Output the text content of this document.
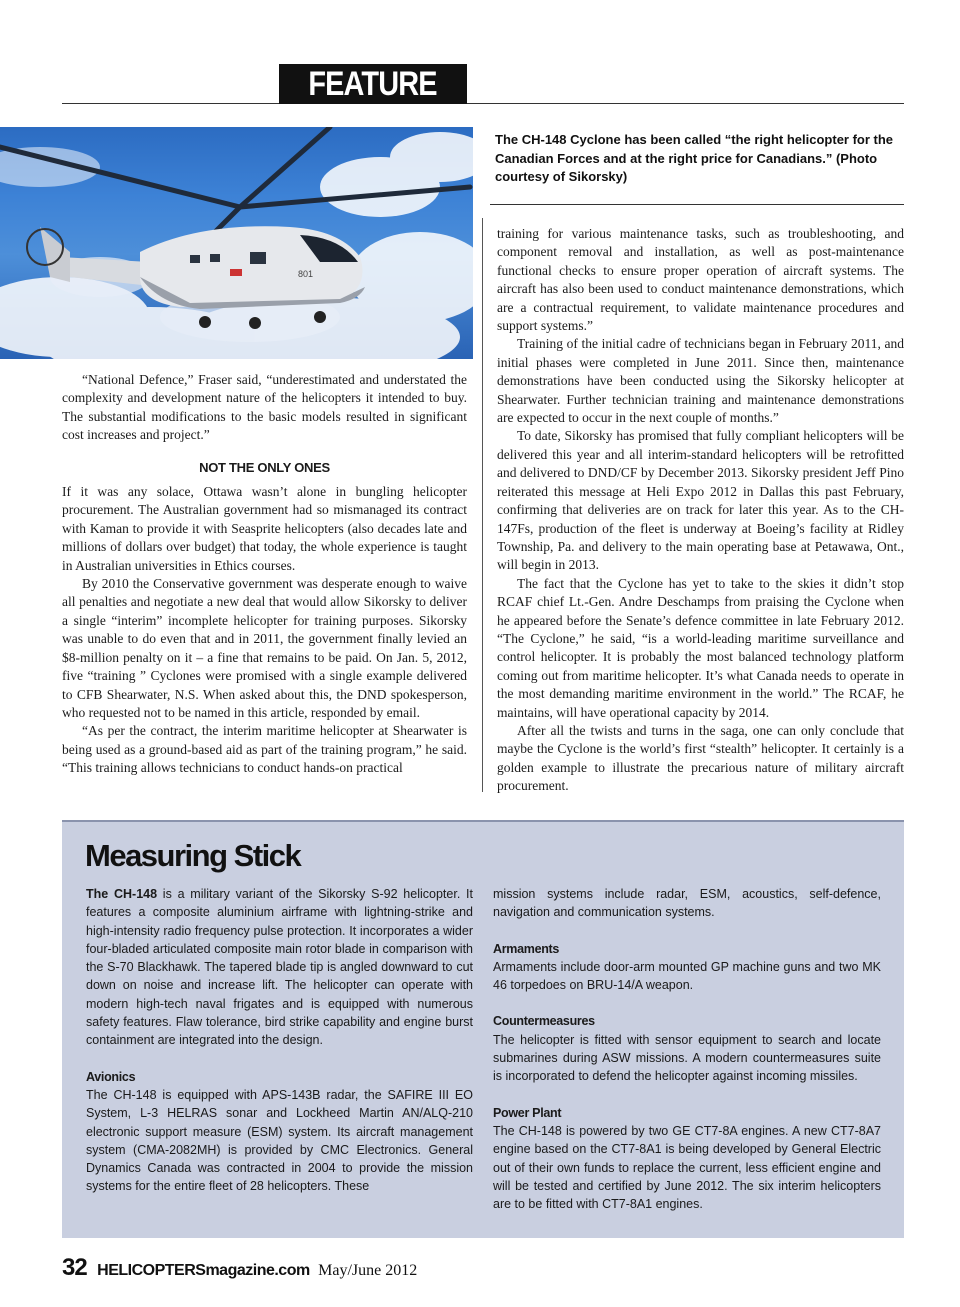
FEATURE
801
The CH-148 Cyclone has been called “the right helicopter for the Canadian Forces and at the right price for Canadians.” (Photo courtesy of Sikorsky)

“National Defence,” Fraser said, “underestimated and understated the complexity and development nature of the helicopters it intended to buy. The substantial modifications to the basic models resulted in significant cost increases and project.”

NOT THE ONLY ONES

If it was any solace, Ottawa wasn’t alone in bungling helicopter procurement. The Australian government had so mismanaged its contract with Kaman to provide it with Seasprite helicopters (also decades late and millions of dollars over budget) that today, the whole experience is taught in Australian universities in Ethics courses.

By 2010 the Conservative government was desperate enough to waive all penalties and negotiate a new deal that would allow Sikorsky to deliver a single “interim” incomplete helicopter for training purposes. Sikorsky was unable to do even that and in 2011, the government finally levied an $8-million penalty on it – a fine that remains to be paid. On Jan. 5, 2012, five “training ” Cyclones were promised with a single example delivered to CFB Shearwater, N.S. When asked about this, the DND spokesperson, who requested not to be named in this article, responded by email.

“As per the contract, the interim maritime helicopter at Shearwater is being used as a ground-based aid as part of the training program,” he said. “This training allows technicians to conduct hands-on practical

training for various maintenance tasks, such as troubleshooting, and component removal and installation, as well as post-maintenance functional checks to ensure proper operation of aircraft systems. The aircraft has also been used to conduct maintenance demonstrations, which are a contractual requirement, to validate maintenance procedures and support systems.”

Training of the initial cadre of technicians began in February 2011, and initial phases were completed in June 2011. Since then, maintenance demonstrations have been conducted using the Sikorsky helicopter at Shearwater. Further technician training and maintenance demonstrations are expected to occur in the next couple of months.”

To date, Sikorsky has promised that fully compliant helicopters will be delivered this year and all interim-standard helicopters will be retrofitted and delivered to DND/CF by December 2013. Sikorsky president Jeff Pino reiterated this message at Heli Expo 2012 in Dallas this past February, confirming that deliveries are on track for later this year. As to the CH-147Fs, production of the fleet is underway at Boeing’s facility at Ridley Township, Pa. and delivery to the main operating base at Petawawa, Ont., will begin in 2013.

The fact that the Cyclone has yet to take to the skies it didn’t stop RCAF chief Lt.-Gen. Andre Deschamps from praising the Cyclone when he appeared before the Senate’s defence committee in late February 2012. “The Cyclone,” he said, “is a world-leading maritime surveillance and control helicopter. It is probably the most balanced technology platform coming out from maritime helicopter. It’s what Canada needs to operate in the most demanding maritime environment in the world.” The RCAF, he maintains, will have operational capacity by 2014.

After all the twists and turns in the saga, one can only conclude that maybe the Cyclone is the world’s first “stealth” helicopter. It certainly is a golden example to illustrate the precarious nature of military aircraft procurement.

Measuring Stick

The CH-148 is a military variant of the Sikorsky S-92 helicopter. It features a composite aluminium airframe with lightning-strike and high-intensity radio frequency pulse protection. It incorporates a wider four-bladed articulated composite main rotor blade in comparison with the S-70 Blackhawk. The tapered blade tip is angled downward to cut down on noise and increase lift. The helicopter can operate with modern high-tech naval frigates and is equipped with numerous safety features. Flaw tolerance, bird strike capability and engine burst containment are integrated into the design.

Avionics

The CH-148 is equipped with APS-143B radar, the SAFIRE III EO System, L-3 HELRAS sonar and Lockheed Martin AN/ALQ-210 electronic support measure (ESM) system. Its aircraft management system (CMA-2082MH) is provided by CMC Electronics. General Dynamics Canada was contracted in 2004 to provide the mission systems for the entire fleet of 28 helicopters. These

mission systems include radar, ESM, acoustics, self-defence, navigation and communication systems.

Armaments

Armaments include door-arm mounted GP machine guns and two MK 46 torpedoes on BRU-14/A weapon.

Countermeasures

The helicopter is fitted with sensor equipment to search and locate submarines during ASW missions. A modern countermeasures suite is incorporated to defend the helicopter against incoming missiles.

Power Plant

The CH-148 is powered by two GE CT7-8A engines. A new CT7-8A7 engine based on the CT7-8A1 is being developed by General Electric out of their own funds to replace the current, less efficient engine and will be tested and certified by June 2012. The six interim helicopters are to be fitted with CT7-8A1 engines.

32 HELICOPTERSmagazine.com May/June 2012
